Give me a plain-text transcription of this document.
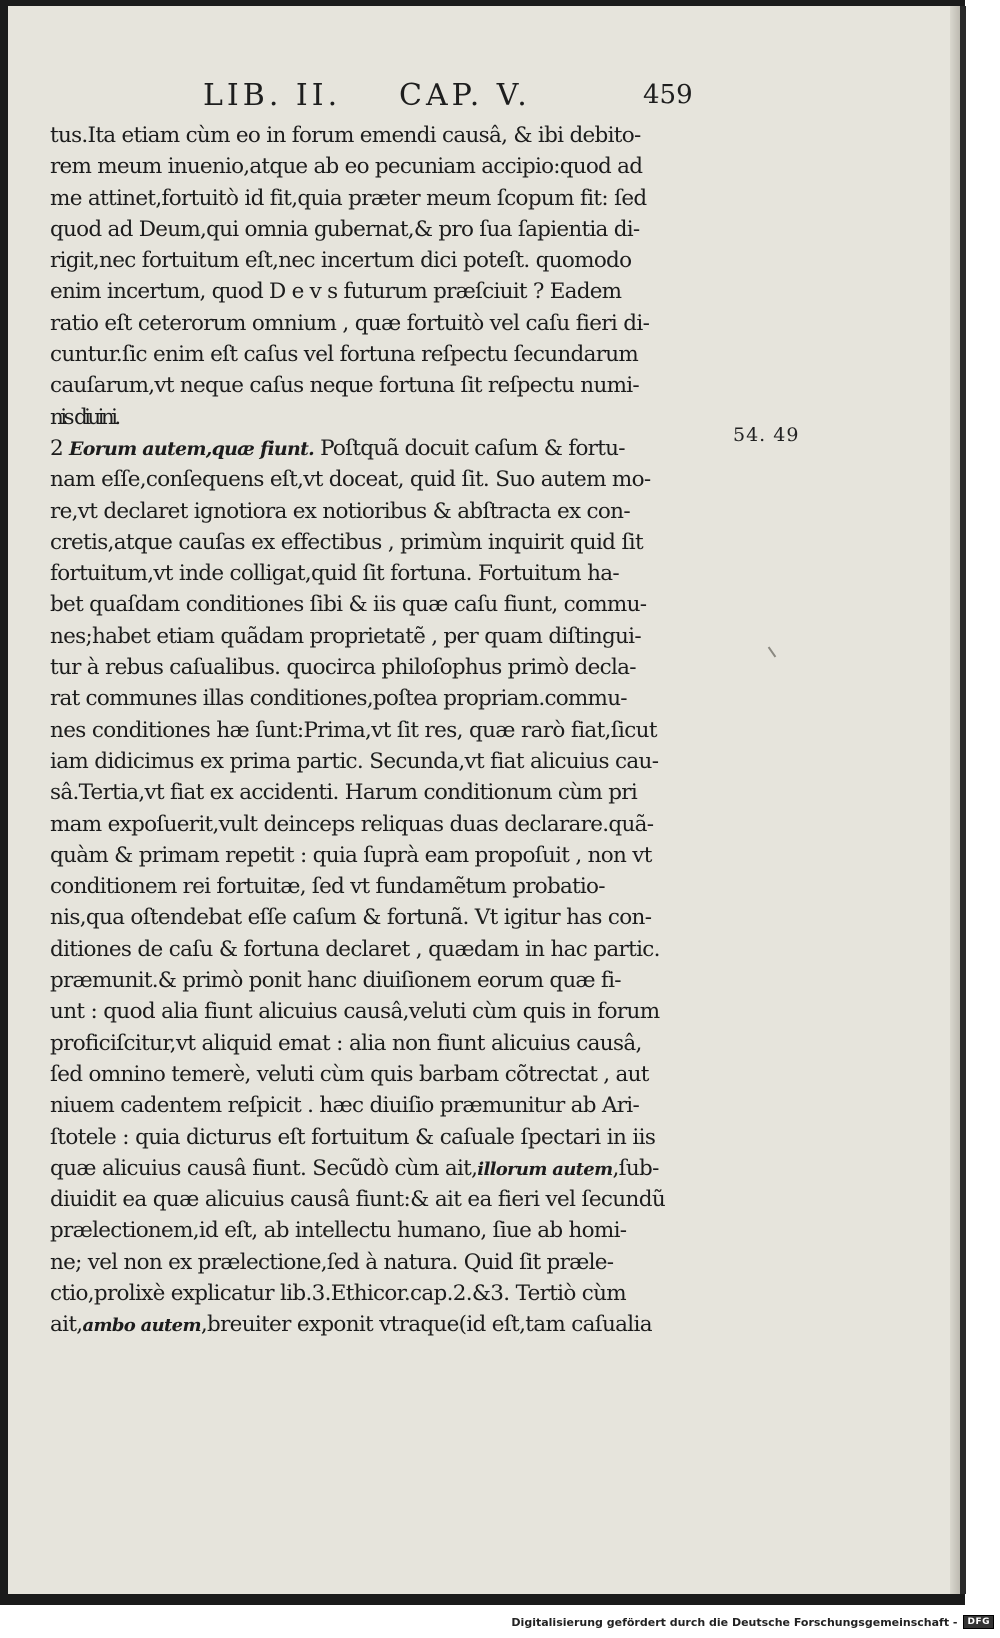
LIB. II. CAP. V.	459
54. 49
tus.Ita etiam cùm eo in forum emendi causâ, & ibi debito-
rem meum inuenio,atque ab eo pecuniam accipio:quod ad
me attinet,fortuitò id fit,quia præter meum ſcopum fit: ſed
quod ad Deum,qui omnia gubernat,& pro ſua ſapientia di-
rigit,nec fortuitum eſt,nec incertum dici poteſt. quomodo
enim incertum, quod D e v s futurum præſciuit ? Eadem
ratio eſt ceterorum omnium , quæ fortuitò vel caſu fieri di-
cuntur.ſic enim eſt caſus vel fortuna reſpectu ſecundarum
cauſarum,vt neque caſus neque fortuna ſit reſpectu numi-
nis diuini.
2 Eorum autem,quæ fiunt. Poſtquã docuit caſum & fortu-
nam eſſe,conſequens eſt,vt doceat, quid ſit. Suo autem mo-
re,vt declaret ignotiora ex notioribus & abſtracta ex con-
cretis,atque cauſas ex effectibus , primùm inquirit quid ſit
fortuitum,vt inde colligat,quid ſit fortuna. Fortuitum ha-
bet quaſdam conditiones ſibi & iis quæ caſu fiunt, commu-
nes;habet etiam quãdam proprietatẽ , per quam diſtingui-
tur à rebus caſualibus. quocirca philoſophus primò decla-
rat communes illas conditiones,poſtea propriam.commu-
nes conditiones hæ ſunt:Prima,vt ſit res, quæ rarò fiat,ſicut
iam didicimus ex prima partic. Secunda,vt fiat alicuius cau-
sâ.Tertia,vt fiat ex accidenti. Harum conditionum cùm pri
mam expoſuerit,vult deinceps reliquas duas declarare.quã-
quàm & primam repetit : quia ſuprà eam propoſuit , non vt
conditionem rei fortuitæ, ſed vt fundamẽtum probatio-
nis,qua oſtendebat eſſe caſum & fortunã. Vt igitur has con-
ditiones de caſu & fortuna declaret , quædam in hac partic.
præmunit.& primò ponit hanc diuiſionem eorum quæ fi-
unt : quod alia fiunt alicuius causâ,veluti cùm quis in forum
proficiſcitur,vt aliquid emat : alia non fiunt alicuius causâ,
ſed omnino temerè, veluti cùm quis barbam cõtrectat , aut
niuem cadentem reſpicit . hæc diuiſio præmunitur ab Ari-
ſtotele : quia dicturus eſt fortuitum & caſuale ſpectari in iis
quæ alicuius causâ fiunt. Secũdò cùm ait,illorum autem,ſub-
diuidit ea quæ alicuius causâ fiunt:& ait ea fieri vel ſecundũ
prælectionem,id eſt, ab intellectu humano, ſiue ab homi-
ne; vel non ex prælectione,ſed à natura. Quid ſit præle-
ctio,prolixè explicatur lib.3.Ethicor.cap.2.&3. Tertiò cùm
ait,ambo autem,breuiter exponit vtraque(id eſt,tam caſualia
Digitalisierung gefördert durch die Deutsche Forschungsgemeinschaft -	DFG
